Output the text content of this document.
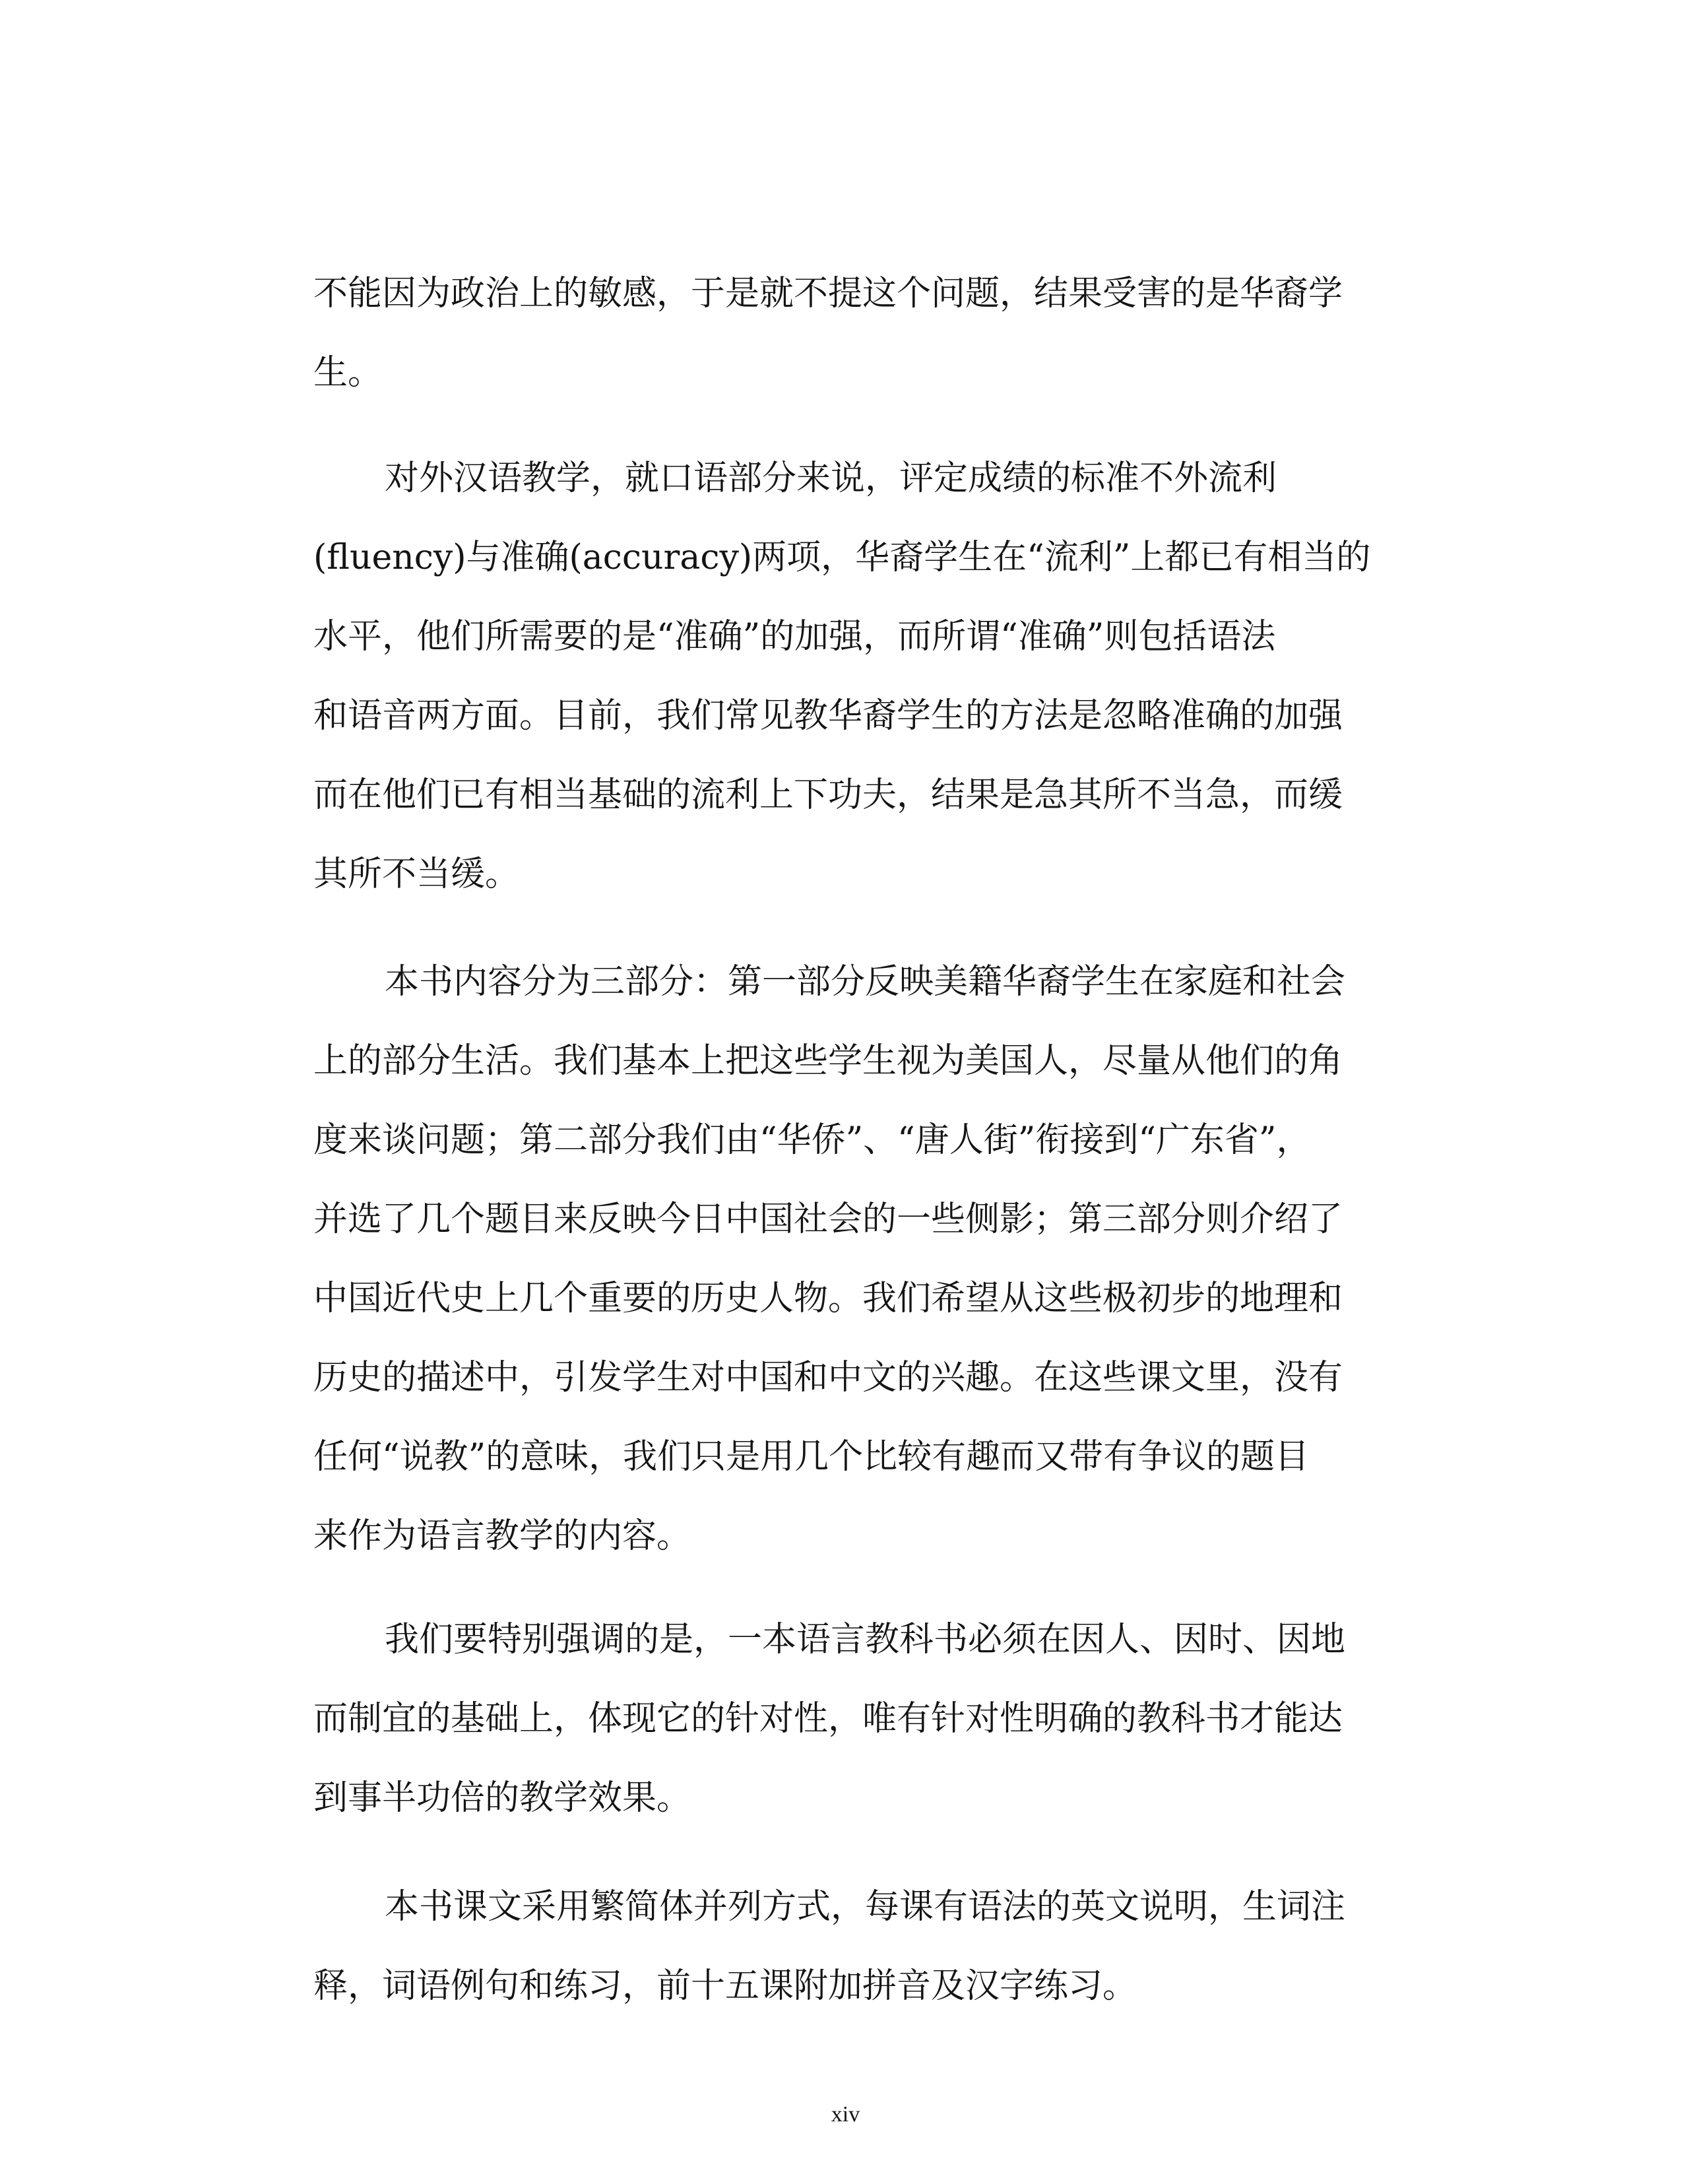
不能因为政治上的敏感，于是就不提这个问题，结果受害的是华裔学
生。
对外汉语教学，就口语部分来说，评定成绩的标准不外流利
(fluency)与准确(accuracy)两项，华裔学生在“流利”上都已有相当的
水平，他们所需要的是“准确”的加强，而所谓“准确”则包括语法
和语音两方面。目前，我们常见教华裔学生的方法是忽略准确的加强
而在他们已有相当基础的流利上下功夫，结果是急其所不当急，而缓
其所不当缓。
本书内容分为三部分：第一部分反映美籍华裔学生在家庭和社会
上的部分生活。我们基本上把这些学生视为美国人，尽量从他们的角
度来谈问题；第二部分我们由“华侨”、“唐人街”衔接到“广东省”，
并选了几个题目来反映今日中国社会的一些侧影；第三部分则介绍了
中国近代史上几个重要的历史人物。我们希望从这些极初步的地理和
历史的描述中，引发学生对中国和中文的兴趣。在这些课文里，没有
任何“说教”的意味，我们只是用几个比较有趣而又带有争议的题目
来作为语言教学的内容。
我们要特别强调的是，一本语言教科书必须在因人、因时、因地
而制宜的基础上，体现它的针对性，唯有针对性明确的教科书才能达
到事半功倍的教学效果。
本书课文采用繁简体并列方式，每课有语法的英文说明，生词注
释，词语例句和练习，前十五课附加拼音及汉字练习。
xiv
